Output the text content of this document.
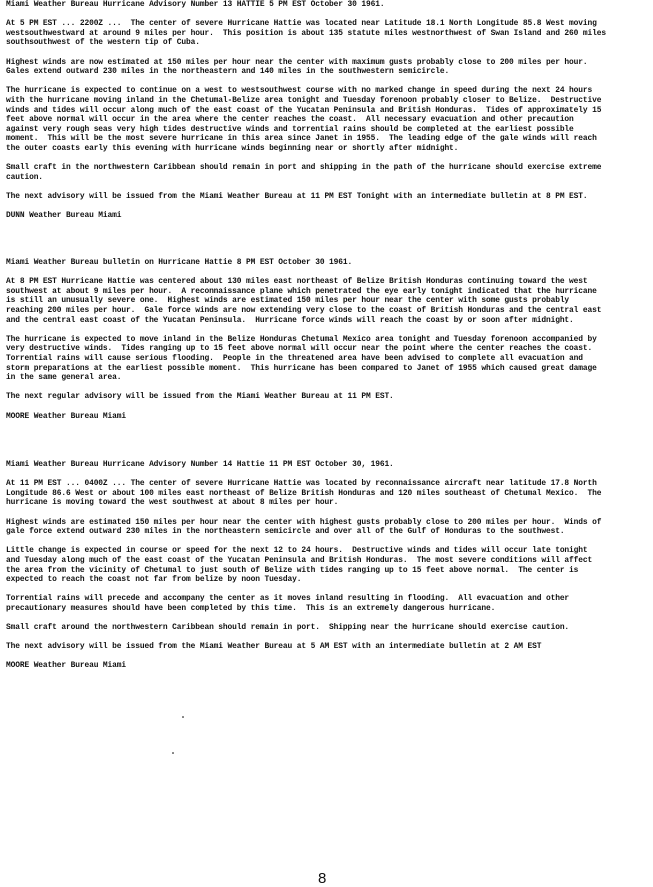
Miami Weather Bureau Hurricane Advisory Number 13 HATTIE 5 PM EST October 30 1961.
At 5 PM EST ... 2200Z ...  The center of severe Hurricane Hattie was located near Latitude 18.1 North Longitude 85.8 West moving
westsouthwestward at around 9 miles per hour.  This position is about 135 statute miles westnorthwest of Swan Island and 260 miles
southsouthwest of the western tip of Cuba.
Highest winds are now estimated at 150 miles per hour near the center with maximum gusts probably close to 200 miles per hour.
Gales extend outward 230 miles in the northeastern and 140 miles in the southwestern semicircle.
The hurricane is expected to continue on a west to westsouthwest course with no marked change in speed during the next 24 hours
with the hurricane moving inland in the Chetumal-Belize area tonight and Tuesday forenoon probably closer to Belize.  Destructive
winds and tides will occur along much of the east coast of the Yucatan Peninsula and British Honduras.  Tides of approximately 15
feet above normal will occur in the area where the center reaches the coast.  All necessary evacuation and other precaution
against very rough seas very high tides destructive winds and torrential rains should be completed at the earliest possible
moment.  This will be the most severe hurricane in this area since Janet in 1955.  The leading edge of the gale winds will reach
the outer coasts early this evening with hurricane winds beginning near or shortly after midnight.
Small craft in the northwestern Caribbean should remain in port and shipping in the path of the hurricane should exercise extreme
caution.
The next advisory will be issued from the Miami Weather Bureau at 11 PM EST Tonight with an intermediate bulletin at 8 PM EST.
DUNN Weather Bureau Miami
Miami Weather Bureau bulletin on Hurricane Hattie 8 PM EST October 30 1961.
At 8 PM EST Hurricane Hattie was centered about 130 miles east northeast of Belize British Honduras continuing toward the west
southwest at about 9 miles per hour.  A reconnaissance plane which penetrated the eye early tonight indicated that the hurricane
is still an unusually severe one.  Highest winds are estimated 150 miles per hour near the center with some gusts probably
reaching 200 miles per hour.  Gale force winds are now extending very close to the coast of British Honduras and the central east
and the central east coast of the Yucatan Peninsula.  Hurricane force winds will reach the coast by or soon after midnight.
The hurricane is expected to move inland in the Belize Honduras Chetumal Mexico area tonight and Tuesday forenoon accompanied by
very destructive winds.  Tides ranging up to 15 feet above normal will occur near the point where the center reaches the coast.
Torrential rains will cause serious flooding.  People in the threatened area have been advised to complete all evacuation and
storm preparations at the earliest possible moment.  This hurricane has been compared to Janet of 1955 which caused great damage
in the same general area.
The next regular advisory will be issued from the Miami Weather Bureau at 11 PM EST.
MOORE Weather Bureau Miami
Miami Weather Bureau Hurricane Advisory Number 14 Hattie 11 PM EST October 30, 1961.
At 11 PM EST ... 0400Z ... The center of severe Hurricane Hattie was located by reconnaissance aircraft near latitude 17.8 North
Longitude 86.6 West or about 100 miles east northeast of Belize British Honduras and 120 miles southeast of Chetumal Mexico.  The
hurricane is moving toward the west southwest at about 8 miles per hour.
Highest winds are estimated 150 miles per hour near the center with highest gusts probably close to 200 miles per hour.  Winds of
gale force extend outward 230 miles in the northeastern semicircle and over all of the Gulf of Honduras to the southwest.
Little change is expected in course or speed for the next 12 to 24 hours.  Destructive winds and tides will occur late tonight
and Tuesday along much of the east coast of the Yucatan Peninsula and British Honduras.  The most severe conditions will affect
the area from the vicinity of Chetumal to just south of Belize with tides ranging up to 15 feet above normal.  The center is
expected to reach the coast not far from belize by noon Tuesday.
Torrential rains will precede and accompany the center as it moves inland resulting in flooding.  All evacuation and other
precautionary measures should have been completed by this time.  This is an extremely dangerous hurricane.
Small craft around the northwestern Caribbean should remain in port.  Shipping near the hurricane should exercise caution.
The next advisory will be issued from the Miami Weather Bureau at 5 AM EST with an intermediate bulletin at 2 AM EST
MOORE Weather Bureau Miami
8
